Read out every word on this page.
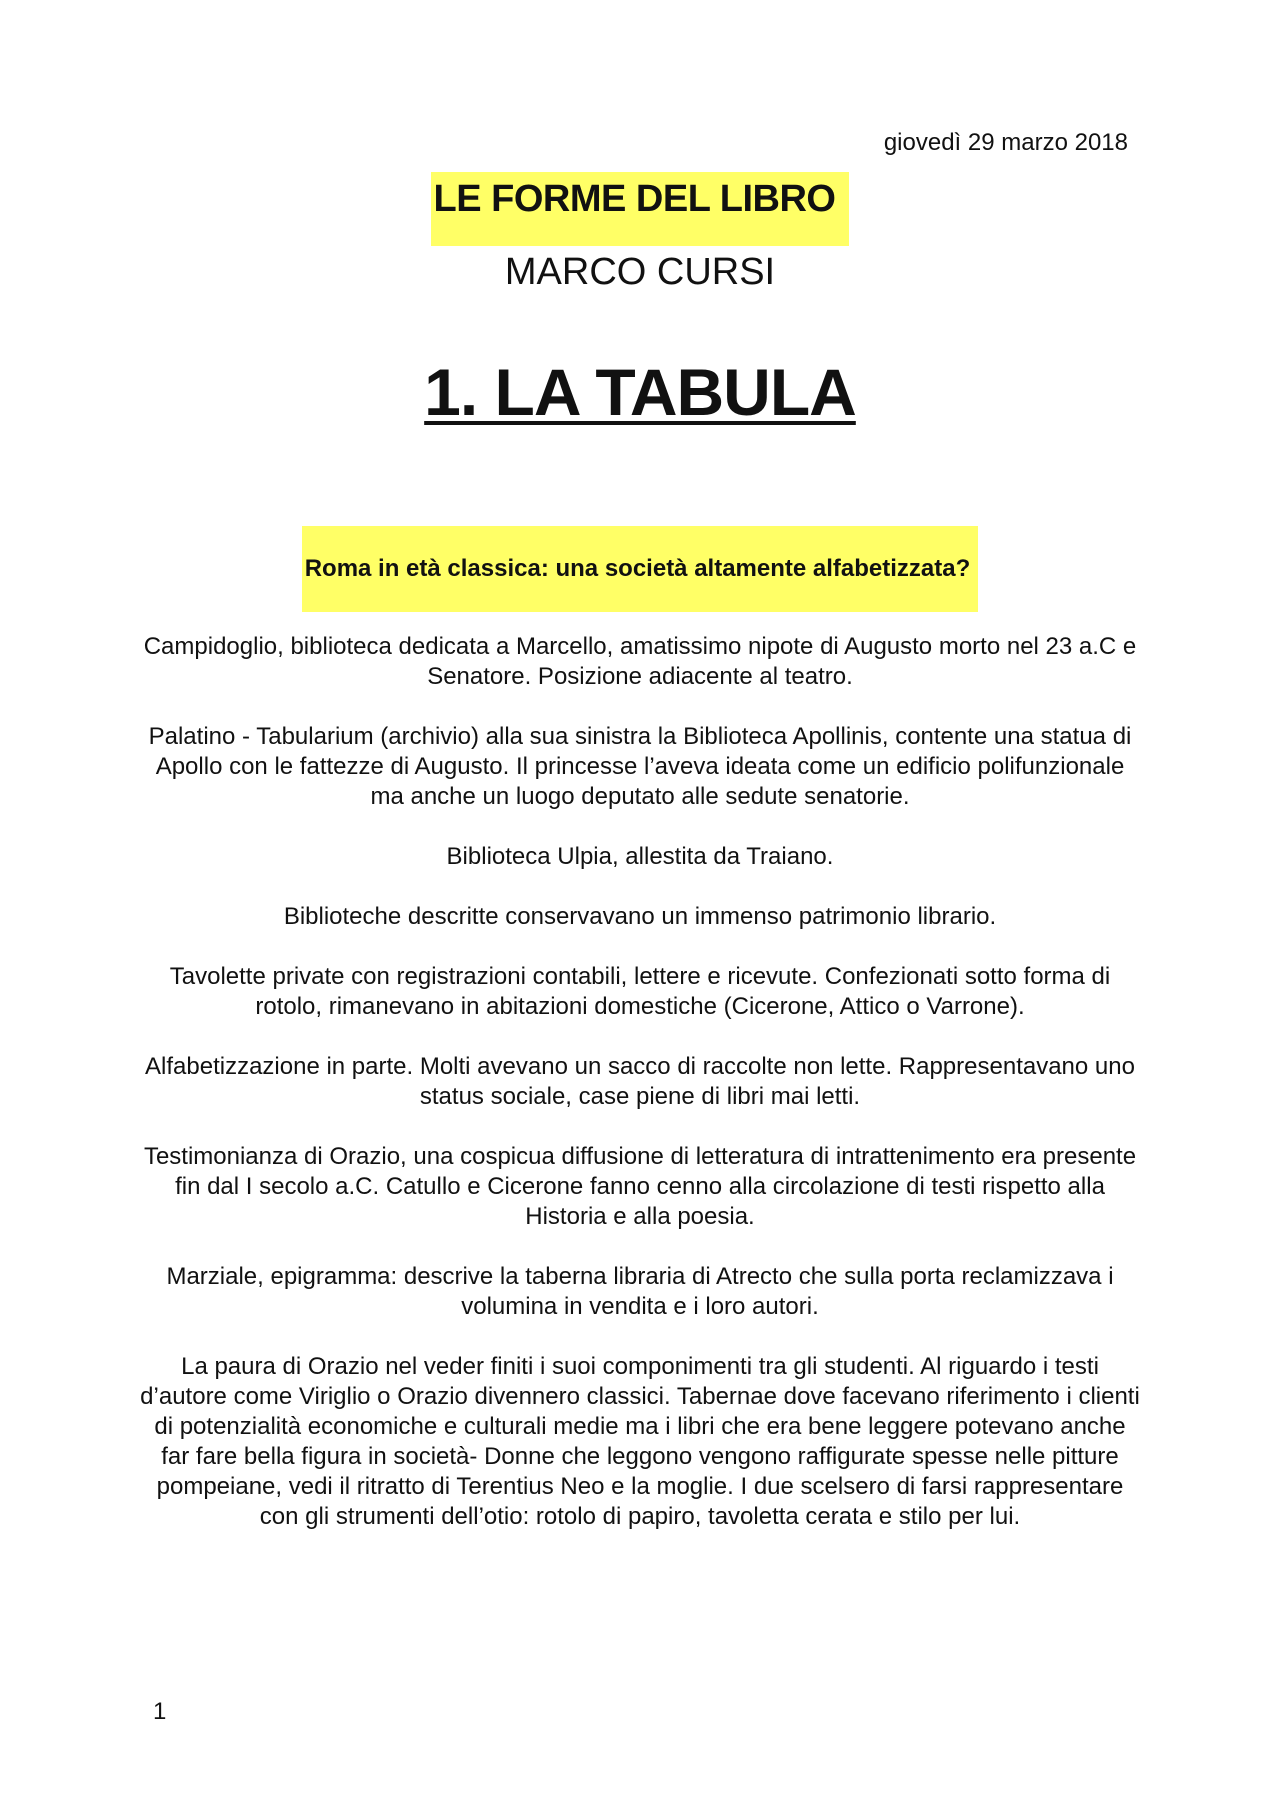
giovedì 29 marzo 2018
LE FORME DEL LIBRO
MARCO CURSI
1. LA TABULA
Roma in età classica: una società altamente alfabetizzata?

Campidoglio, biblioteca dedicata a Marcello, amatissimo nipote di Augusto morto nel 23 a.C e Senatore. Posizione adiacente al teatro.

Palatino - Tabularium (archivio) alla sua sinistra la Biblioteca Apollinis, contente una statua di Apollo con le fattezze di Augusto. Il princesse l’aveva ideata come un edificio polifunzionale ma anche un luogo deputato alle sedute senatorie.

Biblioteca Ulpia, allestita da Traiano.

Biblioteche descritte conservavano un immenso patrimonio librario.

Tavolette private con registrazioni contabili, lettere e ricevute. Confezionati sotto forma di rotolo, rimanevano in abitazioni domestiche (Cicerone, Attico o Varrone).

Alfabetizzazione in parte. Molti avevano un sacco di raccolte non lette. Rappresentavano uno status sociale, case piene di libri mai letti.

Testimonianza di Orazio, una cospicua diffusione di letteratura di intrattenimento era presente fin dal I secolo a.C. Catullo e Cicerone fanno cenno alla circolazione di testi rispetto alla Historia e alla poesia.

Marziale, epigramma: descrive la taberna libraria di Atrecto che sulla porta reclamizzava i volumina in vendita e i loro autori.

La paura di Orazio nel veder finiti i suoi componimenti tra gli studenti. Al riguardo i testi d’autore come Viriglio o Orazio divennero classici. Tabernae dove facevano riferimento i clienti di potenzialità economiche e culturali medie ma i libri che era bene leggere potevano anche far fare bella figura in società- Donne che leggono vengono raffigurate spesse nelle pitture pompeiane, vedi il ritratto di Terentius Neo e la moglie. I due scelsero di farsi rappresentare con gli strumenti dell’otio: rotolo di papiro, tavoletta cerata e stilo per lui.

1
